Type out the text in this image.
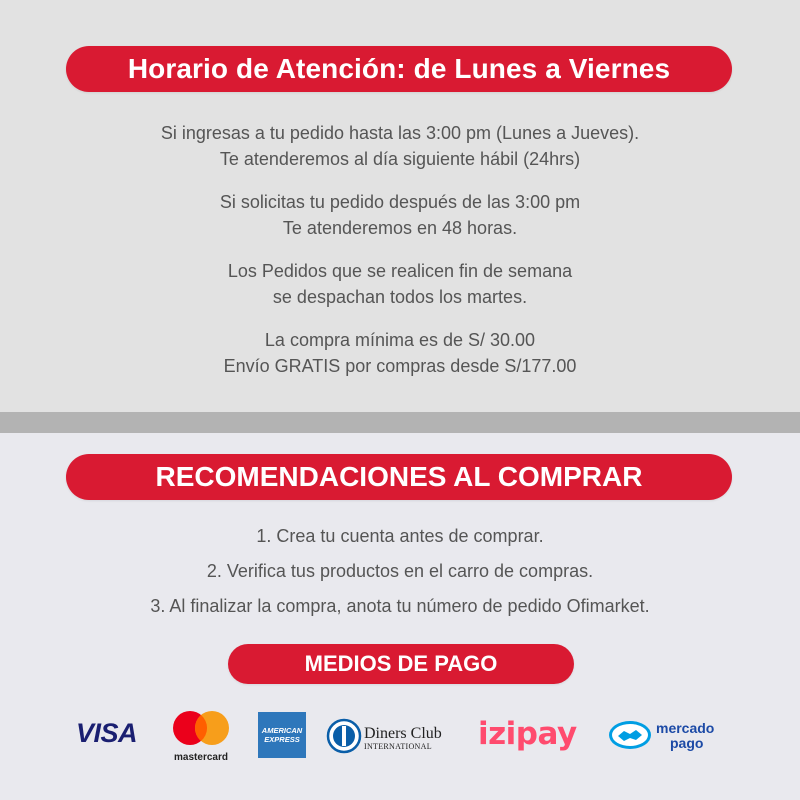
Horario de Atención: de Lunes a Viernes
Si ingresas a tu pedido hasta las 3:00 pm (Lunes a Jueves).
Te atenderemos al día siguiente hábil (24hrs)
Si solicitas tu pedido después de las 3:00 pm
Te atenderemos en 48 horas.
Los Pedidos que se realicen fin de semana
se despachan todos los martes.
La compra mínima es de S/ 30.00
Envío GRATIS por compras desde S/177.00
RECOMENDACIONES AL COMPRAR
1. Crea tu cuenta antes de comprar.
2. Verifica tus productos en el carro de compras.
3. Al finalizar la compra, anota tu número de pedido Ofimarket.
MEDIOS DE PAGO
VISA
mastercard
AMERICAN
EXPRESS	Diners Club
INTERNATIONAL izipay	mercado
pago
